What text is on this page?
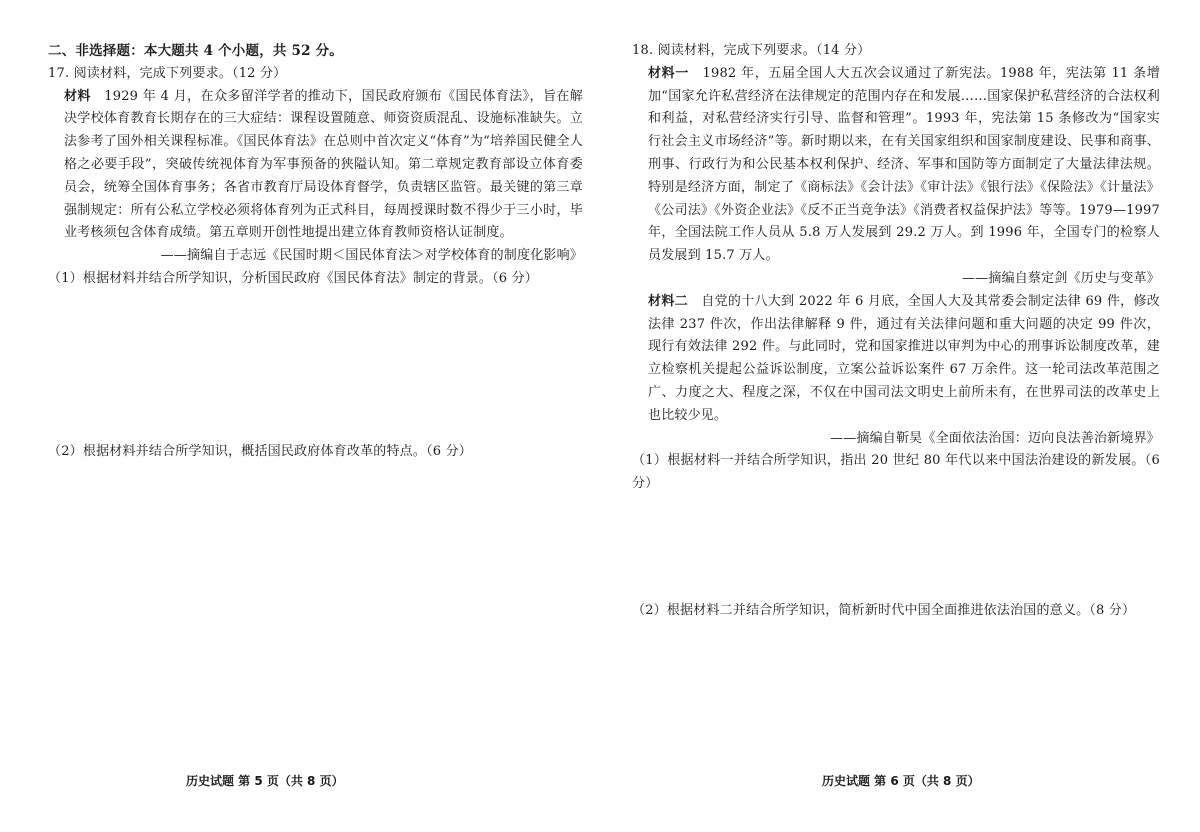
二、非选择题：本大题共 4 个小题，共 52 分。

17. 阅读材料，完成下列要求。（12 分）

材料　1929 年 4 月，在众多留洋学者的推动下，国民政府颁布《国民体育法》，旨在解决学校体育教育长期存在的三大症结：课程设置随意、师资资质混乱、设施标准缺失。立法参考了国外相关课程标准。《国民体育法》在总则中首次定义“体育”为“培养国民健全人格之必要手段”，突破传统视体育为军事预备的狭隘认知。第二章规定教育部设立体育委员会，统筹全国体育事务；各省市教育厅局设体育督学，负责辖区监管。最关键的第三章强制规定：所有公私立学校必须将体育列为正式科目，每周授课时数不得少于三小时，毕业考核须包含体育成绩。第五章则开创性地提出建立体育教师资格认证制度。

——摘编自于志远《民国时期＜国民体育法＞对学校体育的制度化影响》

（1）根据材料并结合所学知识，分析国民政府《国民体育法》制定的背景。（6 分）

（2）根据材料并结合所学知识，概括国民政府体育改革的特点。（6 分）

18. 阅读材料，完成下列要求。（14 分）

材料一　1982 年，五届全国人大五次会议通过了新宪法。1988 年，宪法第 11 条增加“国家允许私营经济在法律规定的范围内存在和发展……国家保护私营经济的合法权利和利益，对私营经济实行引导、监督和管理”。1993 年，宪法第 15 条修改为“国家实行社会主义市场经济”等。新时期以来，在有关国家组织和国家制度建设、民事和商事、刑事、行政行为和公民基本权利保护、经济、军事和国防等方面制定了大量法律法规。特别是经济方面，制定了《商标法》《会计法》《审计法》《银行法》《保险法》《计量法》《公司法》《外资企业法》《反不正当竞争法》《消费者权益保护法》等等。1979—1997 年，全国法院工作人员从 5.8 万人发展到 29.2 万人。到 1996 年，全国专门的检察人员发展到 15.7 万人。

——摘编自蔡定剑《历史与变革》

材料二　自党的十八大到 2022 年 6 月底，全国人大及其常委会制定法律 69 件，修改法律 237 件次，作出法律解释 9 件，通过有关法律问题和重大问题的决定 99 件次，现行有效法律 292 件。与此同时，党和国家推进以审判为中心的刑事诉讼制度改革，建立检察机关提起公益诉讼制度，立案公益诉讼案件 67 万余件。这一轮司法改革范围之广、力度之大、程度之深，不仅在中国司法文明史上前所未有，在世界司法的改革史上也比较少见。

——摘编自靳昊《全面依法治国：迈向良法善治新境界》

（1）根据材料一并结合所学知识，指出 20 世纪 80 年代以来中国法治建设的新发展。（6 分）

（2）根据材料二并结合所学知识，简析新时代中国全面推进依法治国的意义。（8 分）

历史试题 第 5 页（共 8 页）	历史试题 第 6 页（共 8 页）
